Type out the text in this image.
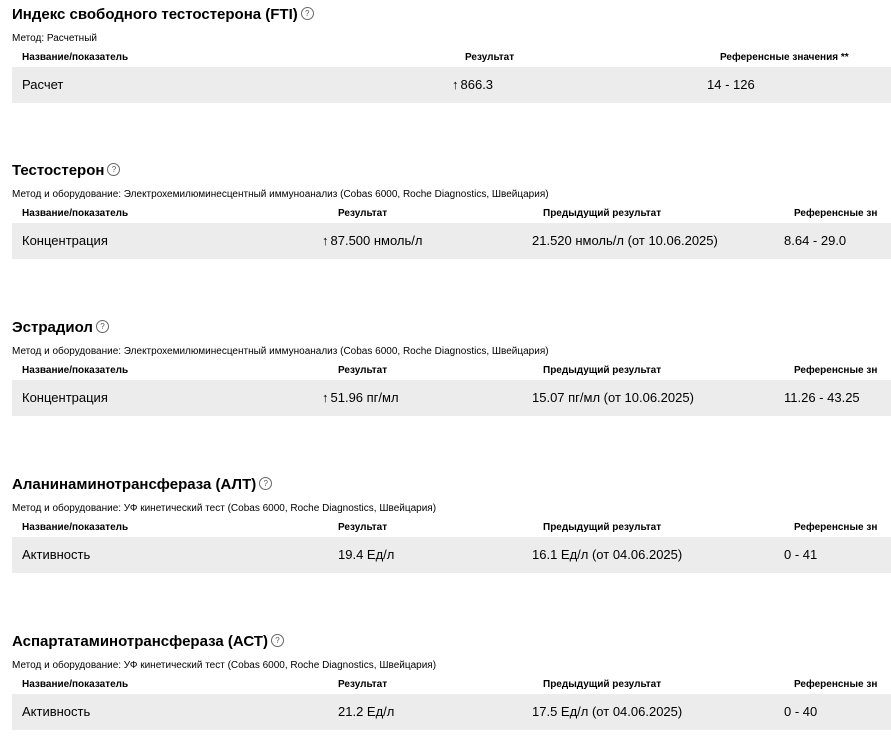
Индекс свободного тестостерона (FTI) ?
Метод: Расчетный
Название/показатель	Результат	Референсные значения **
Расчет	↑ 866.3	14 - 126
Тестостерон ?
Метод и оборудование: Электрохемилюминесцентный иммуноанализ (Cobas 6000, Roche Diagnostics, Швейцария)
Название/показатель	Результат	Предыдущий результат	Референсные зн
Концентрация	↑ 87.500 нмоль/л	21.520 нмоль/л (от 10.06.2025)	8.64 - 29.0
Эстрадиол ?
Метод и оборудование: Электрохемилюминесцентный иммуноанализ (Cobas 6000, Roche Diagnostics, Швейцария)
Название/показатель	Результат	Предыдущий результат	Референсные зн
Концентрация	↑ 51.96 пг/мл	15.07 пг/мл (от 10.06.2025)	11.26 - 43.25
Аланинаминотрансфераза (АЛТ) ?
Метод и оборудование: УФ кинетический тест (Cobas 6000, Roche Diagnostics, Швейцария)
Название/показатель	Результат	Предыдущий результат	Референсные зн
Активность	19.4 Ед/л	16.1 Ед/л (от 04.06.2025)	0 - 41
Аспартатаминотрансфераза (АСТ) ?
Метод и оборудование: УФ кинетический тест (Cobas 6000, Roche Diagnostics, Швейцария)
Название/показатель	Результат	Предыдущий результат	Референсные зн
Активность	21.2 Ед/л	17.5 Ед/л (от 04.06.2025)	0 - 40
